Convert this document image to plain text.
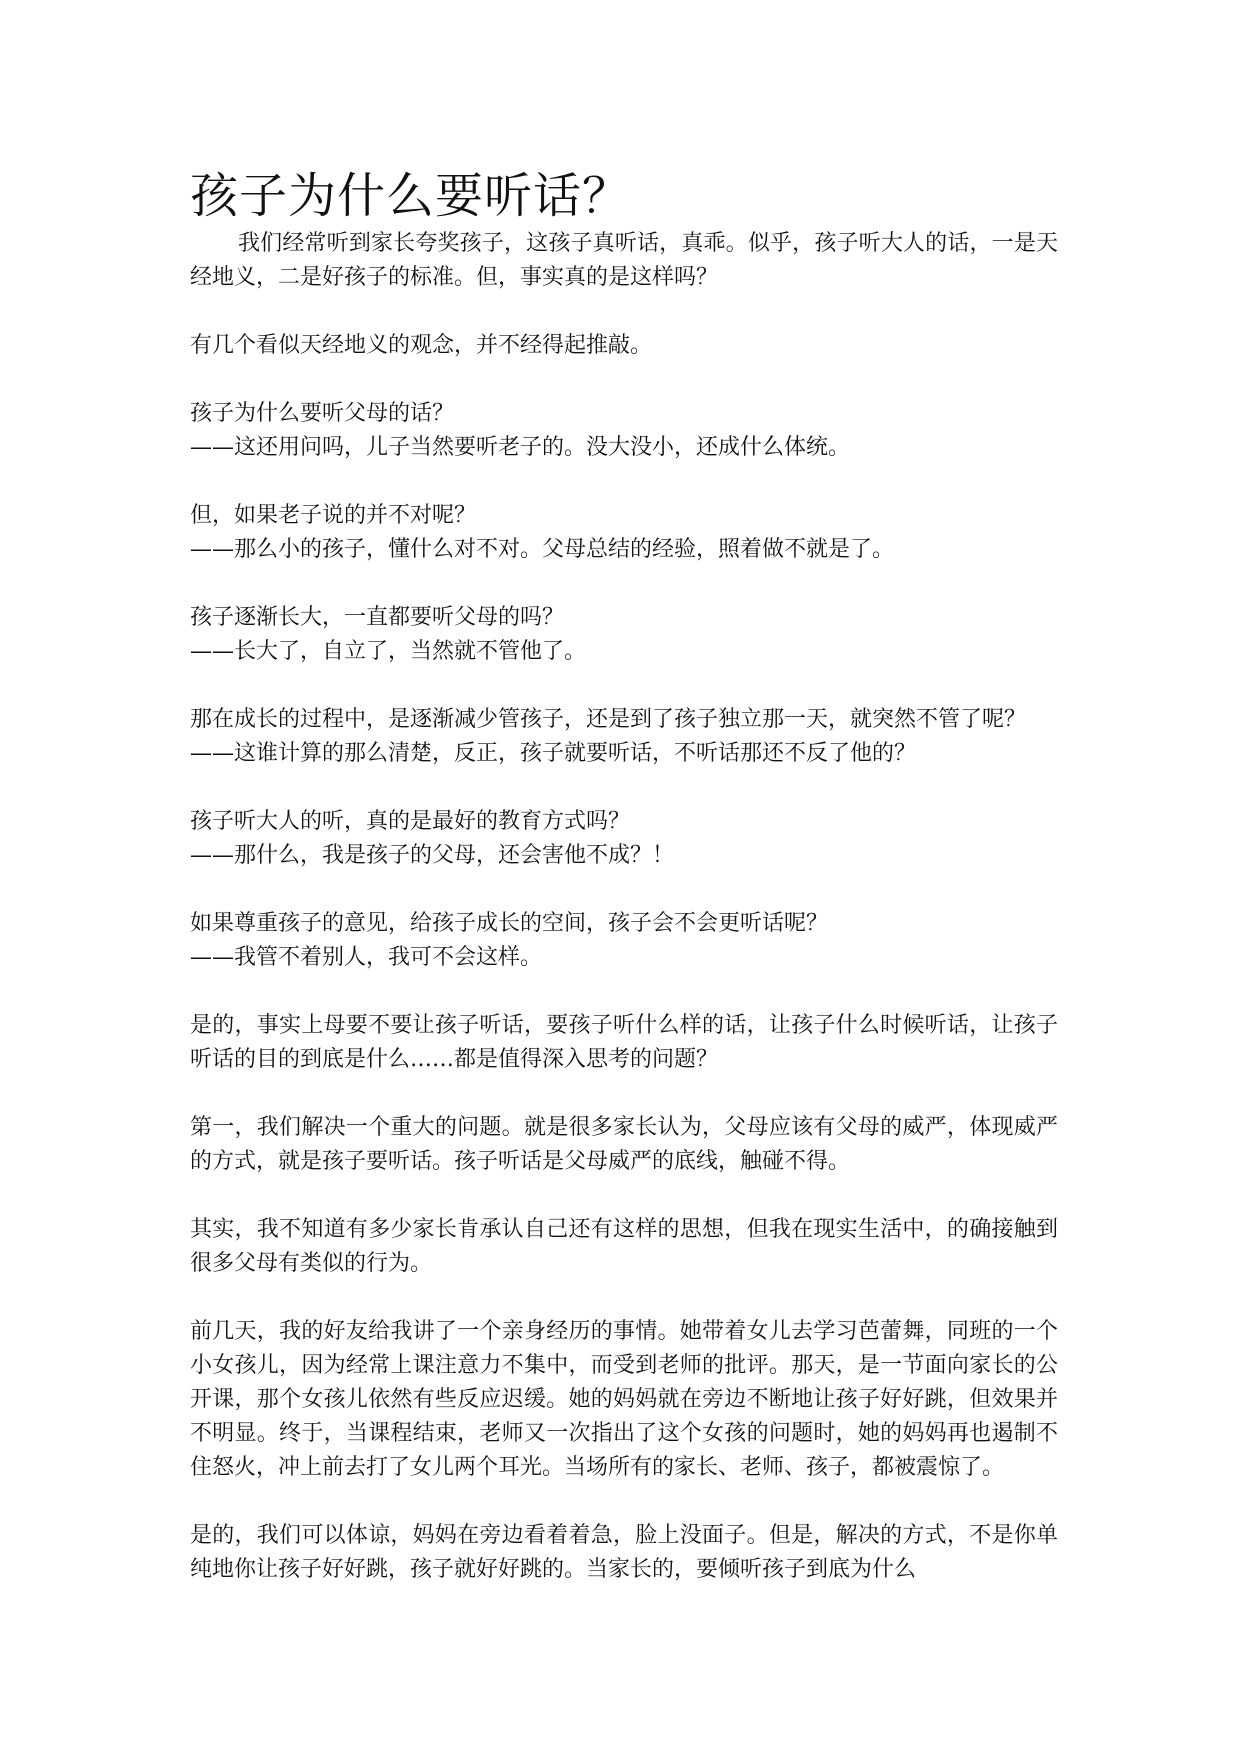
孩子为什么要听话？

我们经常听到家长夸奖孩子，这孩子真听话，真乖。似乎，孩子听大人的话，一是天经地义，二是好孩子的标准。但，事实真的是这样吗？

有几个看似天经地义的观念，并不经得起推敲。

孩子为什么要听父母的话？

——这还用问吗，儿子当然要听老子的。没大没小，还成什么体统。

但，如果老子说的并不对呢？

——那么小的孩子，懂什么对不对。父母总结的经验，照着做不就是了。

孩子逐渐长大，一直都要听父母的吗？

——长大了，自立了，当然就不管他了。

那在成长的过程中，是逐渐减少管孩子，还是到了孩子独立那一天，就突然不管了呢？

——这谁计算的那么清楚，反正，孩子就要听话，不听话那还不反了他的？

孩子听大人的听，真的是最好的教育方式吗？

——那什么，我是孩子的父母，还会害他不成？！

如果尊重孩子的意见，给孩子成长的空间，孩子会不会更听话呢？

——我管不着别人，我可不会这样。

是的，事实上母要不要让孩子听话，要孩子听什么样的话，让孩子什么时候听话，让孩子听话的目的到底是什么……都是值得深入思考的问题？

第一，我们解决一个重大的问题。就是很多家长认为，父母应该有父母的威严，体现威严的方式，就是孩子要听话。孩子听话是父母威严的底线，触碰不得。

其实，我不知道有多少家长肯承认自己还有这样的思想，但我在现实生活中，的确接触到很多父母有类似的行为。

前几天，我的好友给我讲了一个亲身经历的事情。她带着女儿去学习芭蕾舞，同班的一个小女孩儿，因为经常上课注意力不集中，而受到老师的批评。那天，是一节面向家长的公开课，那个女孩儿依然有些反应迟缓。她的妈妈就在旁边不断地让孩子好好跳，但效果并不明显。终于，当课程结束，老师又一次指出了这个女孩的问题时，她的妈妈再也遏制不住怒火，冲上前去打了女儿两个耳光。当场所有的家长、老师、孩子，都被震惊了。

是的，我们可以体谅，妈妈在旁边看着着急，脸上没面子。但是，解决的方式，不是你单纯地你让孩子好好跳，孩子就好好跳的。当家长的，要倾听孩子到底为什么
